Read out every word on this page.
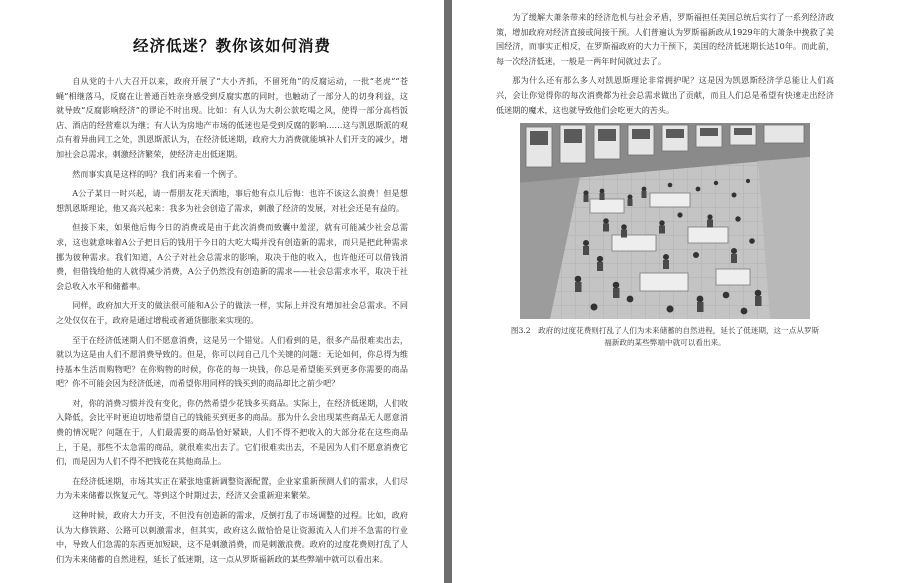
经济低迷？教你该如何消费

自从党的十八大召开以来，政府开展了“大小齐抓，不留死角”的反腐运动，一批“老虎”“苍蝇”相继落马，反腐在让普通百姓亲身感受到反腐实惠的同时，也触动了一部分人的切身利益，这就导致“反腐影响经济”的谬论不时出现。比如：有人认为大刹公款吃喝之风，使得一部分高档饭店、酒店的经营难以为继；有人认为房地产市场的低迷也是受到反腐的影响……这与凯恩斯派的观点有着异曲同工之处，凯恩斯派认为，在经济低迷期，政府大力消费就能填补人们开支的减少，增加社会总需求，刺激经济繁荣，使经济走出低迷期。

然而事实真是这样的吗？我们再来看一个例子。

A公子某日一时兴起，请一帮朋友花天酒地，事后他有点儿后悔：也许不该这么浪费！但是想想凯恩斯理论，他又高兴起来：我多为社会创造了需求，刺激了经济的发展，对社会还是有益的。

但接下来，如果他后悔今日的消费或是由于此次消费而致囊中羞涩，就有可能减少社会总需求，这也就意味着A公子把日后的钱用于今日的大吃大喝并没有创造新的需求，而只是把此种需求挪为彼种需求。我们知道，A公子对社会总需求的影响，取决于他的收入，也许他还可以借钱消费，但借钱给他的人就得减少消费，A公子仍然没有创造新的需求——社会总需求水平，取决于社会总收入水平和储蓄率。

同样，政府加大开支的做法很可能和A公子的做法一样，实际上并没有增加社会总需求。不同之处仅仅在于，政府是通过增税或者通货膨胀来实现的。

至于在经济低迷期人们不愿意消费，这是另一个错觉。人们看到的是，很多产品很难卖出去，就以为这是由人们不愿消费导致的。但是，你可以问自己几个关键的问题：无论如何，你总得为维持基本生活而购物吧？在你购物的时候，你花的每一块钱，你总是希望能买到更多你需要的商品吧？你不可能会因为经济低迷，而希望你用同样的钱买到的商品却比之前少吧？

对，你的消费习惯并没有变化，你仍然希望少花钱多买商品。实际上，在经济低迷期，人们收入降低，会比平时更迫切地希望自己的钱能买到更多的商品。那为什么会出现某些商品无人愿意消费的情况呢？问题在于，人们最需要的商品恰好紧缺，人们不得不把收入的大部分花在这些商品上，于是，那些不太急需的商品，就很难卖出去了。它们很难卖出去，不是因为人们不愿意消费它们，而是因为人们不得不把钱花在其他商品上。

在经济低迷期，市场其实正在紧张地重新调整资源配置，企业家重新预测人们的需求，人们尽力为未来储蓄以恢复元气。等到这个时期过去，经济又会重新迎来繁荣。

这种时候，政府大力开支，不但没有创造新的需求，反倒打乱了市场调整的过程。比如，政府认为大修铁路、公路可以刺激需求，但其实，政府这么做恰恰是让资源流入人们并不急需的行业中，导致人们急需的东西更加短缺，这不是刺激消费，而是刺激浪费。政府的过度花费则打乱了人们为未来储蓄的自然进程，延长了低迷期，这一点从罗斯福新政的某些弊端中就可以看出来。

为了缓解大萧条带来的经济危机与社会矛盾，罗斯福担任美国总统后实行了一系列经济政策，增加政府对经济直接或间接干预。人们普遍认为罗斯福新政从1929年的大萧条中挽救了美国经济，而事实正相反，在罗斯福政府的大力干预下，美国的经济低迷期长达10年。而此前，每一次经济低迷，一般是一两年时间就过去了。

那为什么还有那么多人对凯恩斯理论非常拥护呢？这是因为凯恩斯经济学总能让人们高兴，会让你觉得你的每次消费都为社会总需求做出了贡献，而且人们总是希望有快速走出经济低迷期的魔术，这也就导致他们会吃更大的苦头。

图3.2　政府的过度花费则打乱了人们为未来储蓄的自然进程，延长了低迷期，这一点从罗斯福新政的某些弊端中就可以看出来。
